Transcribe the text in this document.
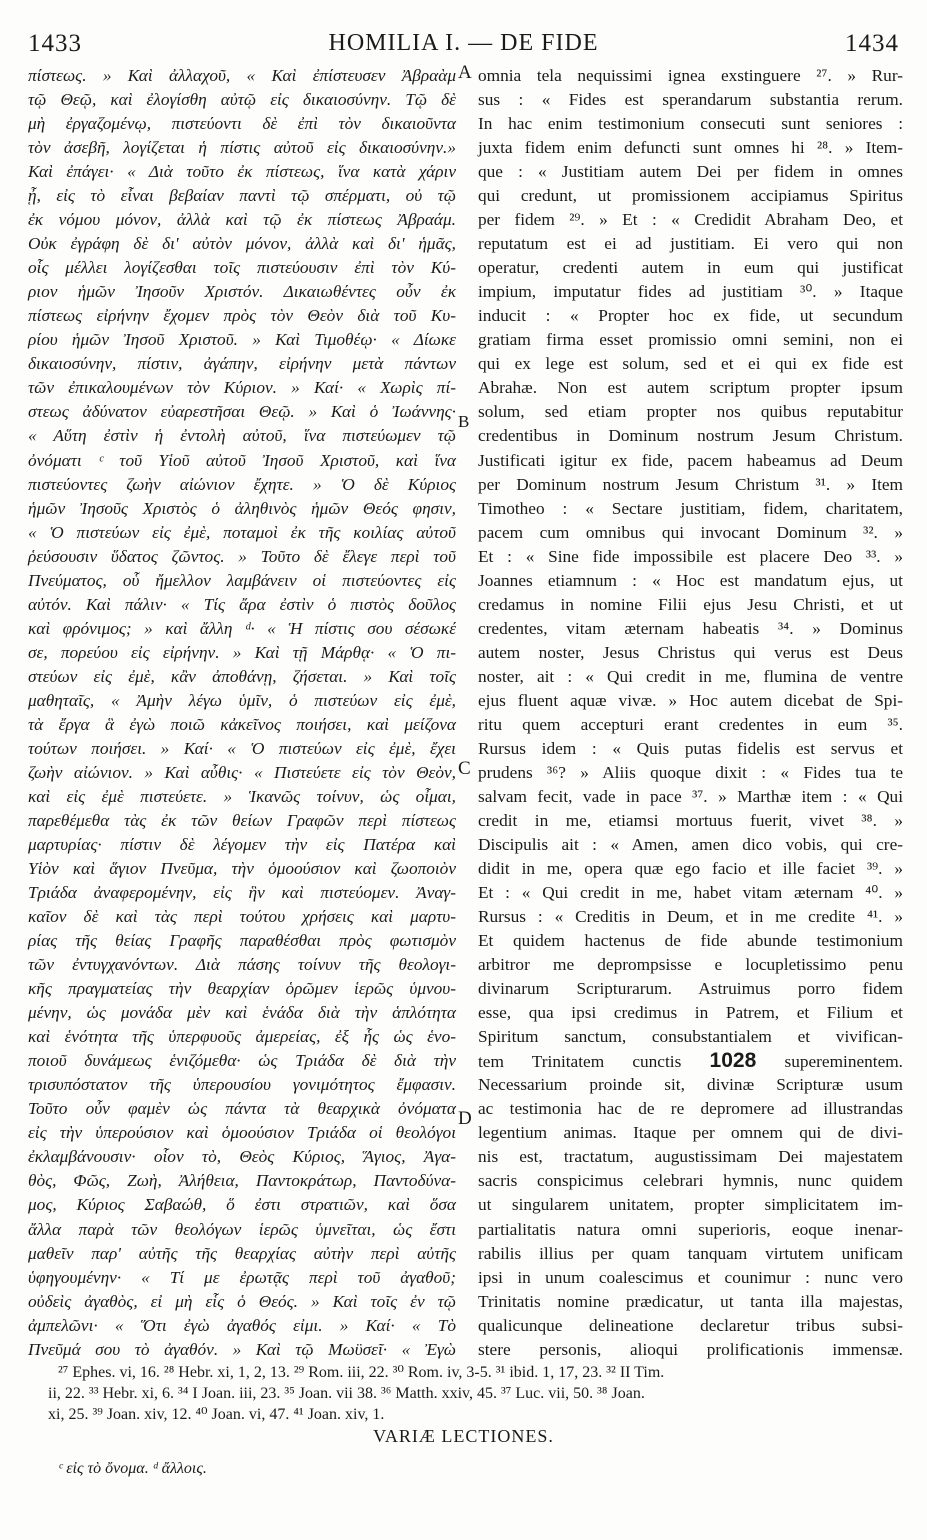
1433	HOMILIA I. — DE FIDE	1434
πίστεως. » Καὶ ἀλλαχοῦ, « Καὶ ἐπίστευσεν Ἀβραὰμ
τῷ Θεῷ, καὶ ἐλογίσθη αὐτῷ εἰς δικαιοσύνην. Τῷ δὲ
μὴ ἐργαζομένῳ, πιστεύοντι δὲ ἐπὶ τὸν δικαιοῦντα
τὸν ἀσεβῆ, λογίζεται ἡ πίστις αὐτοῦ εἰς δικαιοσύνην.»
Καὶ ἐπάγει· « Διὰ τοῦτο ἐκ πίστεως, ἵνα κατὰ χάριν
ᾖ, εἰς τὸ εἶναι βεβαίαν παντὶ τῷ σπέρματι, οὐ τῷ
ἐκ νόμου μόνον, ἀλλὰ καὶ τῷ ἐκ πίστεως Ἀβραάμ.
Οὐκ ἐγράφη δὲ δι' αὐτὸν μόνον, ἀλλὰ καὶ δι' ἡμᾶς,
οἷς μέλλει λογίζεσθαι τοῖς πιστεύουσιν ἐπὶ τὸν Κύ-
ριον ἡμῶν Ἰησοῦν Χριστόν. Δικαιωθέντες οὖν ἐκ
πίστεως εἰρήνην ἔχομεν πρὸς τὸν Θεὸν διὰ τοῦ Κυ-
ρίου ἡμῶν Ἰησοῦ Χριστοῦ. » Καὶ Τιμοθέῳ· « Δίωκε
δικαιοσύνην, πίστιν, ἀγάπην, εἰρήνην μετὰ πάντων
τῶν ἐπικαλουμένων τὸν Κύριον. » Καί· « Χωρὶς πί-
στεως ἀδύνατον εὐαρεστῆσαι Θεῷ. » Καὶ ὁ Ἰωάννης·
« Αὕτη ἐστὶν ἡ ἐντολὴ αὐτοῦ, ἵνα πιστεύωμεν τῷ
ὀνόματι ᶜ τοῦ Υἱοῦ αὐτοῦ Ἰησοῦ Χριστοῦ, καὶ ἵνα
πιστεύοντες ζωὴν αἰώνιον ἔχητε. » Ὁ δὲ Κύριος
ἡμῶν Ἰησοῦς Χριστὸς ὁ ἀληθινὸς ἡμῶν Θεός φησιν,
« Ὁ πιστεύων εἰς ἐμὲ, ποταμοὶ ἐκ τῆς κοιλίας αὐτοῦ
ῥεύσουσιν ὕδατος ζῶντος. » Τοῦτο δὲ ἔλεγε περὶ τοῦ
Πνεύματος, οὗ ἤμελλον λαμβάνειν οἱ πιστεύοντες εἰς
αὐτόν. Καὶ πάλιν· « Τίς ἄρα ἐστὶν ὁ πιστὸς δοῦλος
καὶ φρόνιμος; » καὶ ἄλλη ᵈ· « Ἡ πίστις σου σέσωκέ
σε, πορεύου εἰς εἰρήνην. » Καὶ τῇ Μάρθᾳ· « Ὁ πι-
στεύων εἰς ἐμὲ, κἂν ἀποθάνῃ, ζήσεται. » Καὶ τοῖς
μαθηταῖς, « Ἀμὴν λέγω ὑμῖν, ὁ πιστεύων εἰς ἐμὲ,
τὰ ἔργα ἃ ἐγὼ ποιῶ κἀκεῖνος ποιήσει, καὶ μείζονα
τούτων ποιήσει. » Καί· « Ὁ πιστεύων εἰς ἐμὲ, ἔχει
ζωὴν αἰώνιον. » Καὶ αὖθις· « Πιστεύετε εἰς τὸν Θεὸν,
καὶ εἰς ἐμὲ πιστεύετε. » Ἱκανῶς τοίνυν, ὡς οἶμαι,
παρεθέμεθα τὰς ἐκ τῶν θείων Γραφῶν περὶ πίστεως
μαρτυρίας· πίστιν δὲ λέγομεν τὴν εἰς Πατέρα καὶ
Υἱὸν καὶ ἅγιον Πνεῦμα, τὴν ὁμοούσιον καὶ ζωοποιὸν
Τριάδα ἀναφερομένην, εἰς ἣν καὶ πιστεύομεν. Ἀναγ-
καῖον δὲ καὶ τὰς περὶ τούτου χρήσεις καὶ μαρτυ-
ρίας τῆς θείας Γραφῆς παραθέσθαι πρὸς φωτισμὸν
τῶν ἐντυγχανόντων. Διὰ πάσης τοίνυν τῆς θεολογι-
κῆς πραγματείας τὴν θεαρχίαν ὁρῶμεν ἱερῶς ὑμνου-
μένην, ὡς μονάδα μὲν καὶ ἑνάδα διὰ τὴν ἁπλότητα
καὶ ἑνότητα τῆς ὑπερφυοῦς ἀμερείας, ἐξ ἧς ὡς ἑνο-
ποιοῦ δυνάμεως ἑνιζόμεθα· ὡς Τριάδα δὲ διὰ τὴν
τρισυπόστατον τῆς ὑπερουσίου γονιμότητος ἔμφασιν.
Τοῦτο οὖν φαμὲν ὡς πάντα τὰ θεαρχικὰ ὀνόματα
εἰς τὴν ὑπερούσιον καὶ ὁμοούσιον Τριάδα οἱ θεολόγοι
ἐκλαμβάνουσιν· οἷον τὸ, Θεὸς Κύριος, Ἅγιος, Ἀγα-
θὸς, Φῶς, Ζωὴ, Ἀλήθεια, Παντοκράτωρ, Παντοδύνα-
μος, Κύριος Σαβαώθ, ὅ ἐστι στρατιῶν, καὶ ὅσα
ἄλλα παρὰ τῶν θεολόγων ἱερῶς ὑμνεῖται, ὡς ἔστι
μαθεῖν παρ' αὐτῆς τῆς θεαρχίας αὐτὴν περὶ αὐτῆς
ὑφηγουμένην· « Τί με ἐρωτᾷς περὶ τοῦ ἀγαθοῦ;
οὐδεὶς ἀγαθὸς, εἰ μὴ εἷς ὁ Θεός. » Καὶ τοῖς ἐν τῷ
ἀμπελῶνι· « Ὅτι ἐγὼ ἀγαθός εἰμι. » Καί· « Τὸ
Πνεῦμά σου τὸ ἀγαθόν. » Καὶ τῷ Μωϋσεῖ· « Ἐγὼ
omnia tela nequissimi ignea exstinguere ²⁷. » Rur-
sus : « Fides est sperandarum substantia rerum.
In hac enim testimonium consecuti sunt seniores :
juxta fidem enim defuncti sunt omnes hi ²⁸. » Item-
que : « Justitiam autem Dei per fidem in omnes
qui credunt, ut promissionem accipiamus Spiritus
per fidem ²⁹. » Et : « Credidit Abraham Deo, et
reputatum est ei ad justitiam. Ei vero qui non
operatur, credenti autem in eum qui justificat
impium, imputatur fides ad justitiam ³⁰. » Itaque
inducit : « Propter hoc ex fide, ut secundum
gratiam firma esset promissio omni semini, non ei
qui ex lege est solum, sed et ei qui ex fide est
Abrahæ. Non est autem scriptum propter ipsum
solum, sed etiam propter nos quibus reputabitur
credentibus in Dominum nostrum Jesum Christum.
Justificati igitur ex fide, pacem habeamus ad Deum
per Dominum nostrum Jesum Christum ³¹. » Item
Timotheo : « Sectare justitiam, fidem, charitatem,
pacem cum omnibus qui invocant Dominum ³². »
Et : « Sine fide impossibile est placere Deo ³³. »
Joannes etiamnum : « Hoc est mandatum ejus, ut
credamus in nomine Filii ejus Jesu Christi, et ut
credentes, vitam æternam habeatis ³⁴. » Dominus
autem noster, Jesus Christus qui verus est Deus
noster, ait : « Qui credit in me, flumina de ventre
ejus fluent aquæ vivæ. » Hoc autem dicebat de Spi-
ritu quem accepturi erant credentes in eum ³⁵.
Rursus idem : « Quis putas fidelis est servus et
prudens ³⁶? » Aliis quoque dixit : « Fides tua te
salvam fecit, vade in pace ³⁷. » Marthæ item : « Qui
credit in me, etiamsi mortuus fuerit, vivet ³⁸. »
Discipulis ait : « Amen, amen dico vobis, qui cre-
didit in me, opera quæ ego facio et ille faciet ³⁹. »
Et : « Qui credit in me, habet vitam æternam ⁴⁰. »
Rursus : « Creditis in Deum, et in me credite ⁴¹. »
Et quidem hactenus de fide abunde testimonium
arbitror me deprompsisse e locupletissimo penu
divinarum Scripturarum. Astruimus porro fidem
esse, qua ipsi credimus in Patrem, et Filium et
Spiritum sanctum, consubstantialem et vivifican-
tem Trinitatem cunctis 1028 supereminentem.
Necessarium proinde sit, divinæ Scripturæ usum
ac testimonia hac de re depromere ad illustrandas
legentium animas. Itaque per omnem qui de divi-
nis est, tractatum, augustissimam Dei majestatem
sacris conspicimus celebrari hymnis, nunc quidem
ut singularem unitatem, propter simplicitatem im-
partialitatis natura omni superioris, eoque inenar-
rabilis illius per quam tanquam virtutem unificam
ipsi in unum coalescimus et counimur : nunc vero
Trinitatis nomine prædicatur, ut tanta illa majestas,
qualicunque delineatione declaretur tribus subsi-
stere personis, alioqui prolificationis immensæ.
A
B
C
D
²⁷ Ephes. vi, 16. ²⁸ Hebr. xi, 1, 2, 13. ²⁹ Rom. iii, 22. ³⁰ Rom. iv, 3-5. ³¹ ibid. 1, 17, 23. ³² II Tim.
ii, 22. ³³ Hebr. xi, 6. ³⁴ I Joan. iii, 23. ³⁵ Joan. vii 38. ³⁶ Matth. xxiv, 45. ³⁷ Luc. vii, 50. ³⁸ Joan.
xi, 25. ³⁹ Joan. xiv, 12. ⁴⁰ Joan. vi, 47. ⁴¹ Joan. xiv, 1.
VARIÆ LECTIONES.
ᶜ εἰς τὸ ὄνομα. ᵈ ἄλλοις.
